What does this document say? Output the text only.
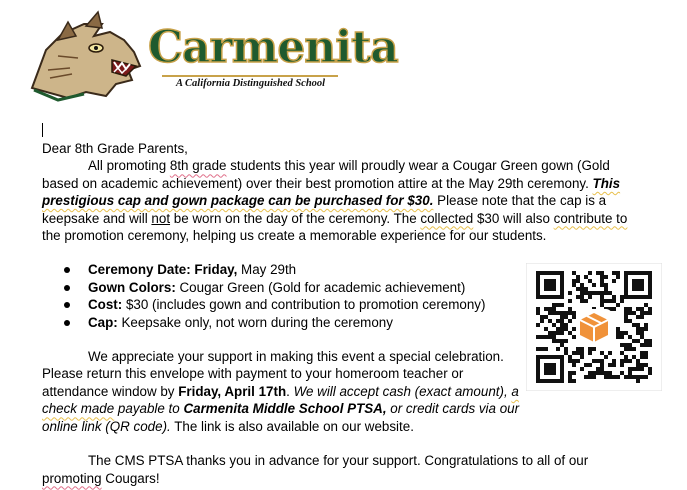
Carmenita
A California Distinguished School

Dear 8th Grade Parents,

All promoting 8th grade students this year will proudly wear a Cougar Green gown (Gold based on academic achievement) over their best promotion attire at the May 29th ceremony. This prestigious cap and gown package can be purchased for $30. Please note that the cap is a keepsake and will not be worn on the day of the ceremony. The collected $30 will also contribute to the promotion ceremony, helping us create a memorable experience for our students.

Ceremony Date: Friday, May 29th
Gown Colors: Cougar Green (Gold for academic achievement)
Cost: $30 (includes gown and contribution to promotion ceremony)
Cap: Keepsake only, not worn during the ceremony

We appreciate your support in making this event a special celebration. Please return this envelope with payment to your homeroom teacher or attendance window by Friday, April 17th. We will accept cash (exact amount), a check made payable to Carmenita Middle School PTSA, or credit cards via our online link (QR code). The link is also available on our website.

The CMS PTSA thanks you in advance for your support. Congratulations to all of our promoting Cougars!
